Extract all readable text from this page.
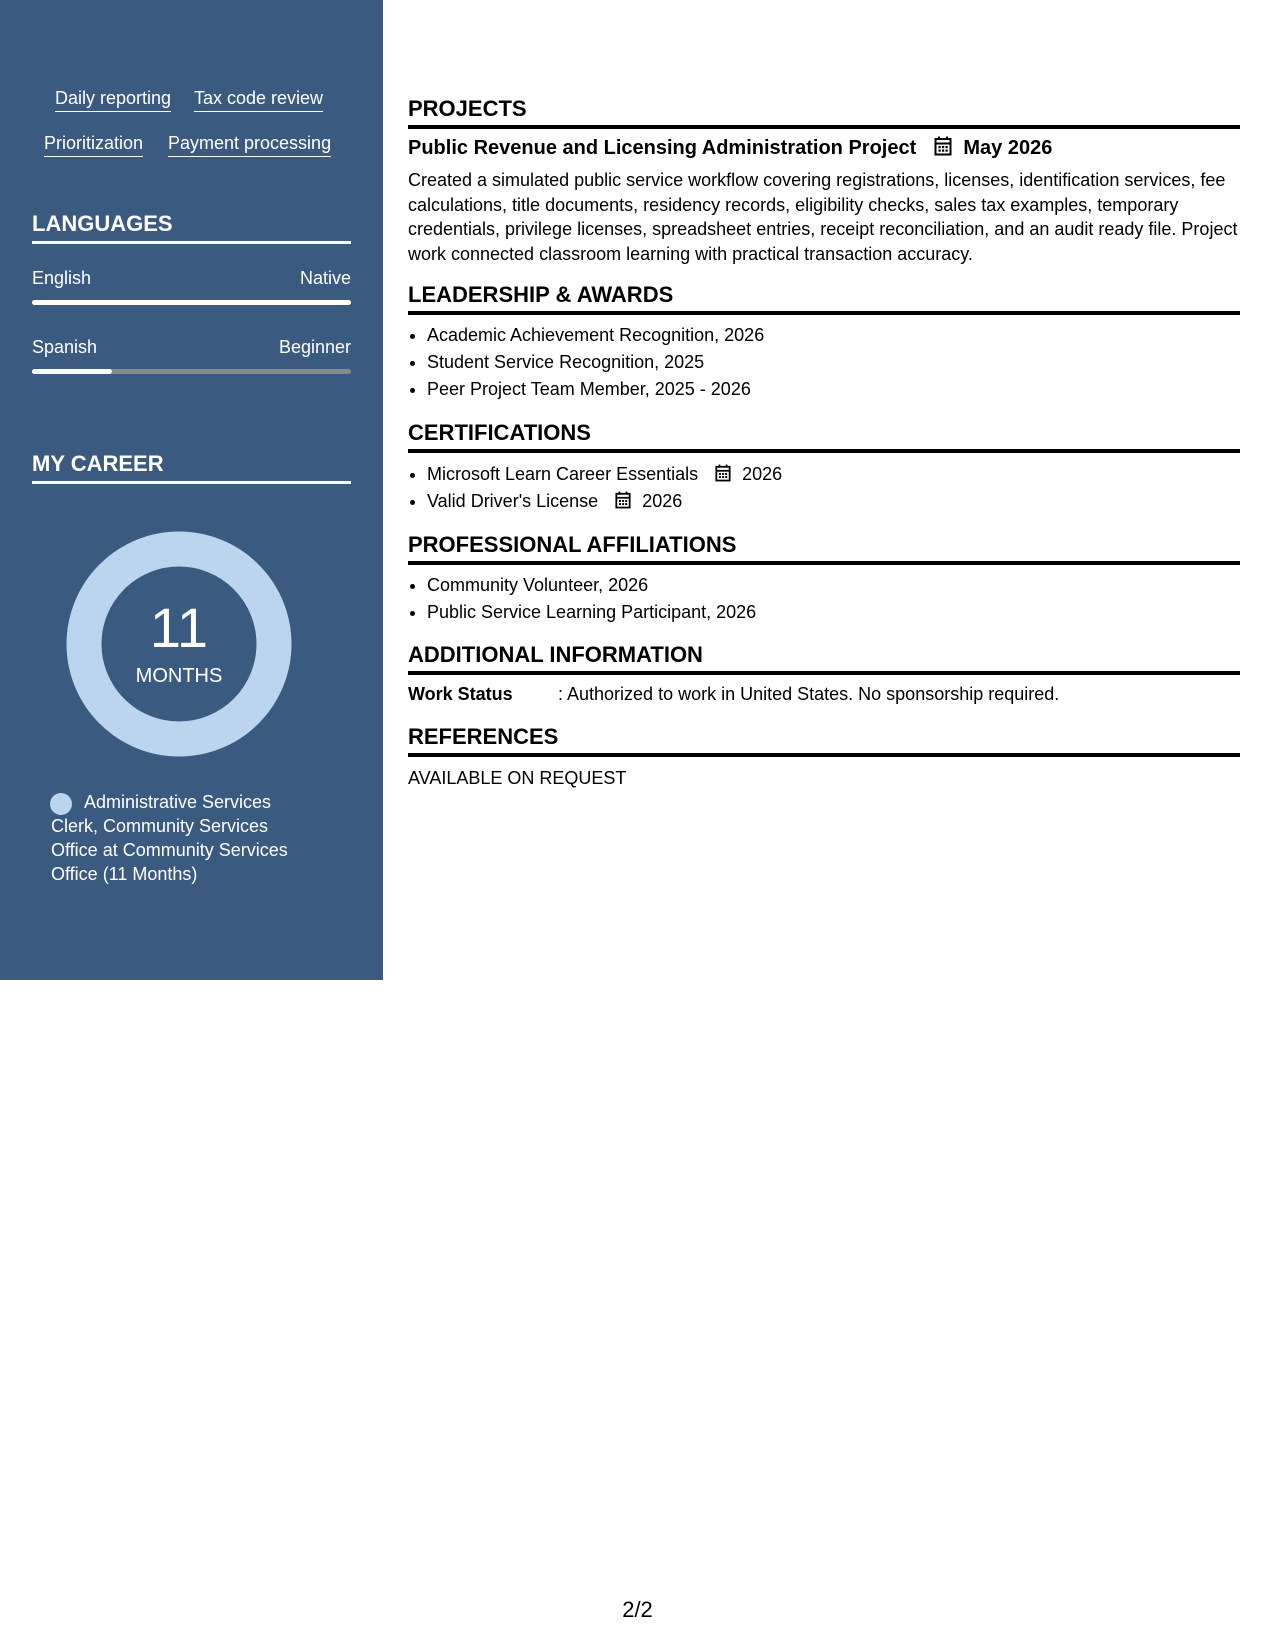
Daily reporting Tax code review
Prioritization Payment processing
LANGUAGES
English	Native
Spanish	Beginner
MY CAREER
11
MONTHS
Administrative Services Clerk, Community Services Office at Community Services Office (11 Months)
PROJECTS
Public Revenue and Licensing Administration Project May 2026
Created a simulated public service workflow covering registrations, licenses, identification services, fee calculations, title documents, residency records, eligibility checks, sales tax examples, temporary credentials, privilege licenses, spreadsheet entries, receipt reconciliation, and an audit ready file. Project work connected classroom learning with practical transaction accuracy.
LEADERSHIP & AWARDS
• Academic Achievement Recognition, 2026
• Student Service Recognition, 2025
• Peer Project Team Member, 2025 - 2026
CERTIFICATIONS
• Microsoft Learn Career Essentials 2026
• Valid Driver's License 2026
PROFESSIONAL AFFILIATIONS
• Community Volunteer, 2026
• Public Service Learning Participant, 2026
ADDITIONAL INFORMATION
Work Status	: Authorized to work in United States. No sponsorship required.
REFERENCES
AVAILABLE ON REQUEST
2/2
